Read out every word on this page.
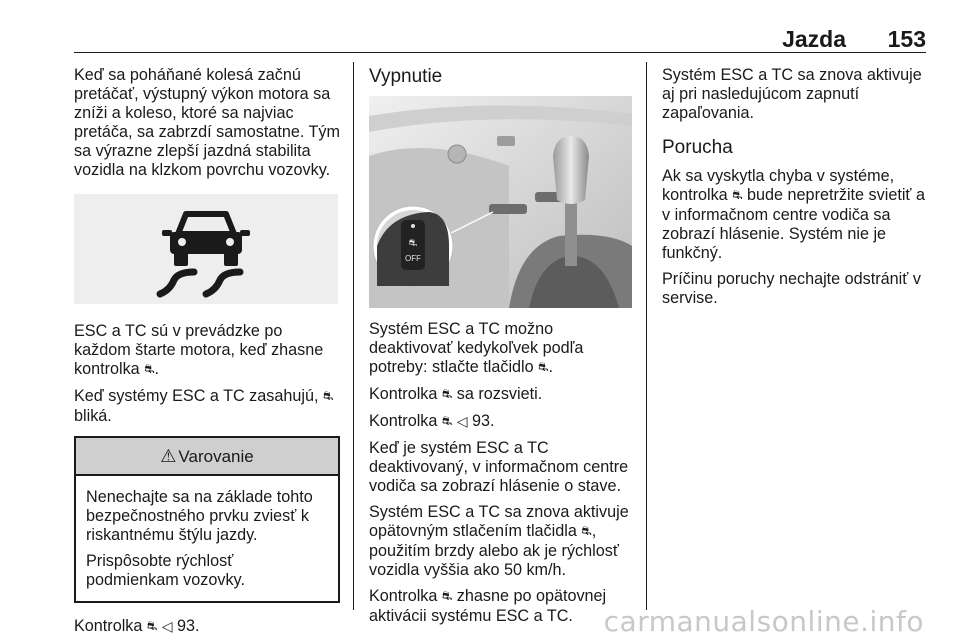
Jazda 153

Keď sa poháňané kolesá začnú pretáčať, výstupný výkon motora sa zníži a koleso, ktoré sa najviac pretáča, sa zabrzdí samostatne. Tým sa výrazne zlepší jazdná stabilita vozidla na klzkom povrchu vozovky.

ESC a TC sú v prevádzke po každom štarte motora, keď zhasne kontrolka ⛐.

Keď systémy ESC a TC zasahujú, ⛐ bliká.

⚠ Varovanie

Nenechajte sa na základe tohto bezpečnostného prvku zviesť k riskantnému štýlu jazdy.

Prispôsobte rýchlosť podmienkam vozovky.

Kontrolka ⛐ ◁ 93.

Vypnutie
⛐
OFF

Systém ESC a TC možno deaktivovať kedykoľvek podľa potreby: stlačte tlačidlo ⛐.

Kontrolka ⛐ sa rozsvieti.

Kontrolka ⛐ ◁ 93.

Keď je systém ESC a TC deaktivovaný, v informačnom centre vodiča sa zobrazí hlásenie o stave.

Systém ESC a TC sa znova aktivuje opätovným stlačením tlačidla ⛐, použitím brzdy alebo ak je rýchlosť vozidla vyššia ako 50 km/h.

Kontrolka ⛐ zhasne po opätovnej aktivácii systému ESC a TC.

Systém ESC a TC sa znova aktivuje aj pri nasledujúcom zapnutí zapaľovania.

Porucha

Ak sa vyskytla chyba v systéme, kontrolka ⛐ bude nepretržite svietiť a v informačnom centre vodiča sa zobrazí hlásenie. Systém nie je funkčný.

Príčinu poruchy nechajte odstrániť v servise.

carmanualsonline.info
